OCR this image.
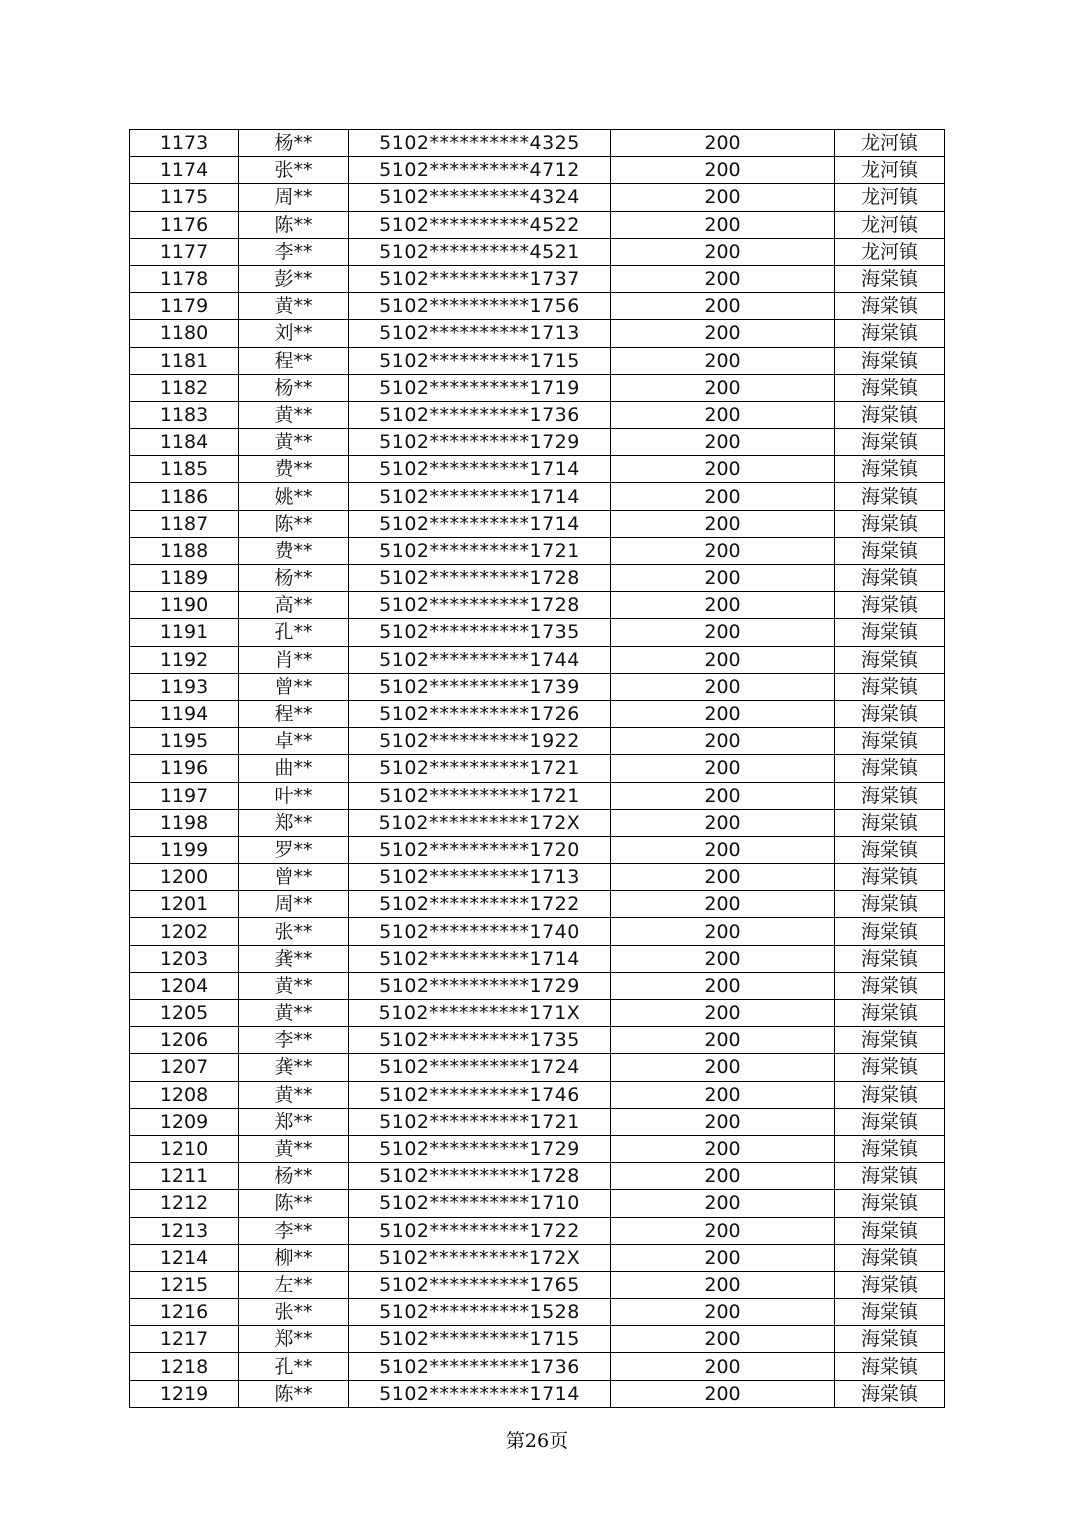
1173	杨**	5102**********4325	200	龙河镇
1174	张**	5102**********4712	200	龙河镇
1175	周**	5102**********4324	200	龙河镇
1176	陈**	5102**********4522	200	龙河镇
1177	李**	5102**********4521	200	龙河镇
1178	彭**	5102**********1737	200	海棠镇
1179	黄**	5102**********1756	200	海棠镇
1180	刘**	5102**********1713	200	海棠镇
1181	程**	5102**********1715	200	海棠镇
1182	杨**	5102**********1719	200	海棠镇
1183	黄**	5102**********1736	200	海棠镇
1184	黄**	5102**********1729	200	海棠镇
1185	费**	5102**********1714	200	海棠镇
1186	姚**	5102**********1714	200	海棠镇
1187	陈**	5102**********1714	200	海棠镇
1188	费**	5102**********1721	200	海棠镇
1189	杨**	5102**********1728	200	海棠镇
1190	高**	5102**********1728	200	海棠镇
1191	孔**	5102**********1735	200	海棠镇
1192	肖**	5102**********1744	200	海棠镇
1193	曾**	5102**********1739	200	海棠镇
1194	程**	5102**********1726	200	海棠镇
1195	卓**	5102**********1922	200	海棠镇
1196	曲**	5102**********1721	200	海棠镇
1197	叶**	5102**********1721	200	海棠镇
1198	郑**	5102**********172X	200	海棠镇
1199	罗**	5102**********1720	200	海棠镇
1200	曾**	5102**********1713	200	海棠镇
1201	周**	5102**********1722	200	海棠镇
1202	张**	5102**********1740	200	海棠镇
1203	龚**	5102**********1714	200	海棠镇
1204	黄**	5102**********1729	200	海棠镇
1205	黄**	5102**********171X	200	海棠镇
1206	李**	5102**********1735	200	海棠镇
1207	龚**	5102**********1724	200	海棠镇
1208	黄**	5102**********1746	200	海棠镇
1209	郑**	5102**********1721	200	海棠镇
1210	黄**	5102**********1729	200	海棠镇
1211	杨**	5102**********1728	200	海棠镇
1212	陈**	5102**********1710	200	海棠镇
1213	李**	5102**********1722	200	海棠镇
1214	柳**	5102**********172X	200	海棠镇
1215	左**	5102**********1765	200	海棠镇
1216	张**	5102**********1528	200	海棠镇
1217	郑**	5102**********1715	200	海棠镇
1218	孔**	5102**********1736	200	海棠镇
1219	陈**	5102**********1714	200	海棠镇
第26页
